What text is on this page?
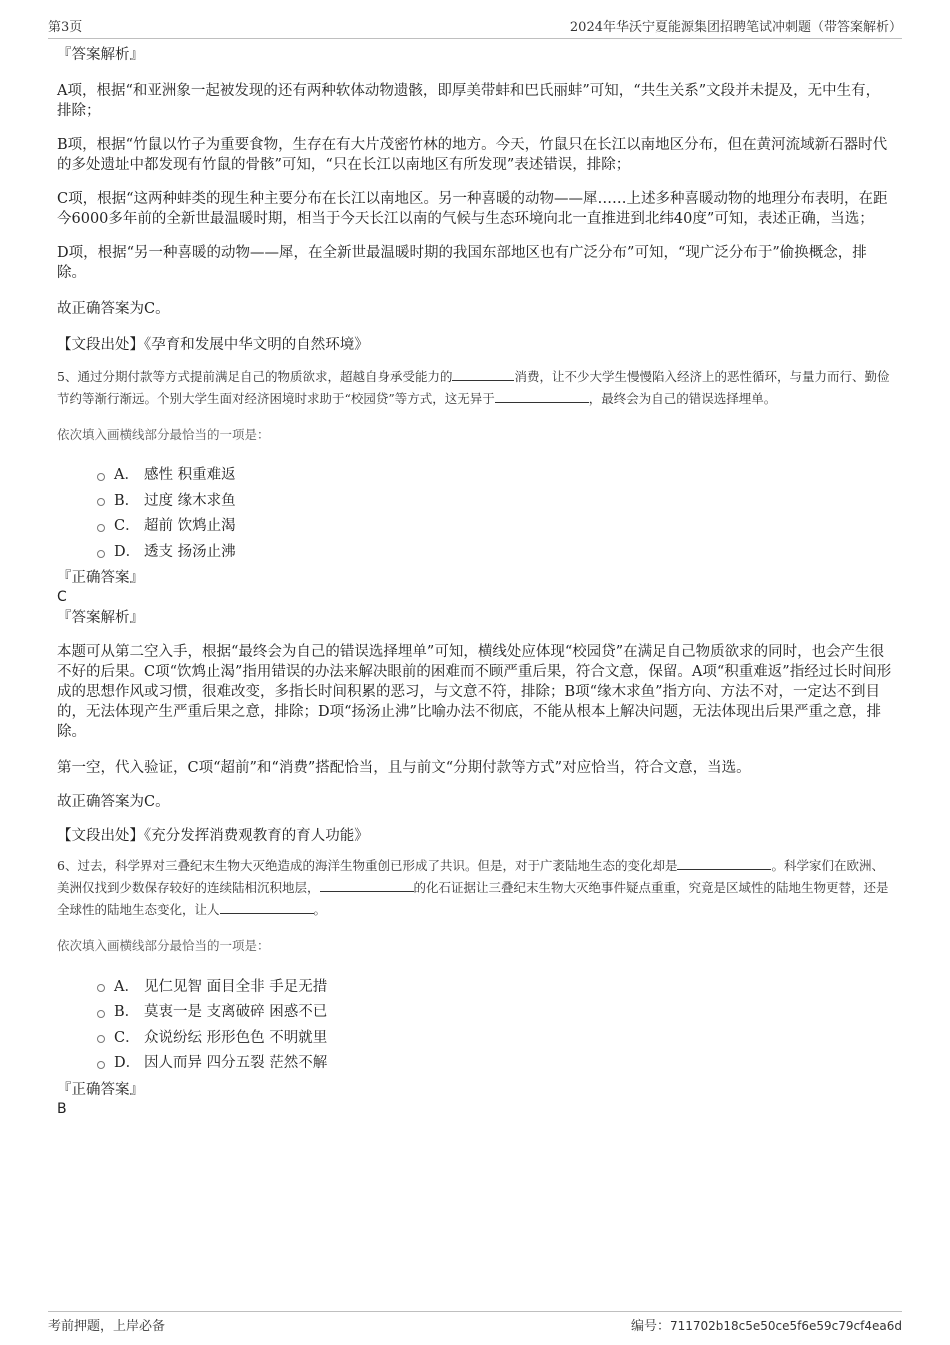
第3页	2024年华沃宁夏能源集团招聘笔试冲刺题（带答案解析）

『答案解析』

A项，根据“和亚洲象一起被发现的还有两种软体动物遗骸，即厚美带蚌和巴氏丽蚌”可知，“共生关系”文段并未提及，无中生有，排除；

B项，根据“竹鼠以竹子为重要食物，生存在有大片茂密竹林的地方。今天，竹鼠只在长江以南地区分布，但在黄河流域新石器时代的多处遗址中都发现有竹鼠的骨骸”可知，“只在长江以南地区有所发现”表述错误，排除；

C项，根据“这两种蚌类的现生种主要分布在长江以南地区。另一种喜暖的动物——犀……上述多种喜暖动物的地理分布表明，在距今6000多年前的全新世最温暖时期，相当于今天长江以南的气候与生态环境向北一直推进到北纬40度”可知，表述正确，当选；

D项，根据“另一种喜暖的动物——犀，在全新世最温暖时期的我国东部地区也有广泛分布”可知，“现广泛分布于”偷换概念，排除。

故正确答案为C。

【文段出处】《孕育和发展中华文明的自然环境》

5、通过分期付款等方式提前满足自己的物质欲求，超越自身承受能力的	消费，让不少大学生慢慢陷入经济上的恶性循环，与量力而行、勤俭节约等渐行渐远。个别大学生面对经济困境时求助于“校园贷”等方式，这无异于	，最终会为自己的错误选择埋单。

依次填入画横线部分最恰当的一项是：

A． 感性 积重难返
B． 过度 缘木求鱼
C． 超前 饮鸩止渴
D． 透支 扬汤止沸

『正确答案』

C

『答案解析』

本题可从第二空入手，根据“最终会为自己的错误选择埋单”可知，横线处应体现“校园贷”在满足自己物质欲求的同时，也会产生很不好的后果。C项“饮鸩止渴”指用错误的办法来解决眼前的困难而不顾严重后果，符合文意，保留。A项“积重难返”指经过长时间形成的思想作风或习惯，很难改变，多指长时间积累的恶习，与文意不符，排除；B项“缘木求鱼”指方向、方法不对，一定达不到目的，无法体现产生严重后果之意，排除；D项“扬汤止沸”比喻办法不彻底，不能从根本上解决问题，无法体现出后果严重之意，排除。

第一空，代入验证，C项“超前”和“消费”搭配恰当，且与前文“分期付款等方式”对应恰当，符合文意，当选。

故正确答案为C。

【文段出处】《充分发挥消费观教育的育人功能》

6、过去，科学界对三叠纪末生物大灭绝造成的海洋生物重创已形成了共识。但是，对于广袤陆地生态的变化却是	。科学家们在欧洲、美洲仅找到少数保存较好的连续陆相沉积地层，	的化石证据让三叠纪末生物大灭绝事件疑点重重，究竟是区域性的陆地生物更替，还是全球性的陆地生态变化，让人	。

依次填入画横线部分最恰当的一项是：

A． 见仁见智 面目全非 手足无措
B． 莫衷一是 支离破碎 困惑不已
C． 众说纷纭 形形色色 不明就里
D． 因人而异 四分五裂 茫然不解

『正确答案』

B

考前押题，上岸必备	编号：711702b18c5e50ce5f6e59c79cf4ea6d
